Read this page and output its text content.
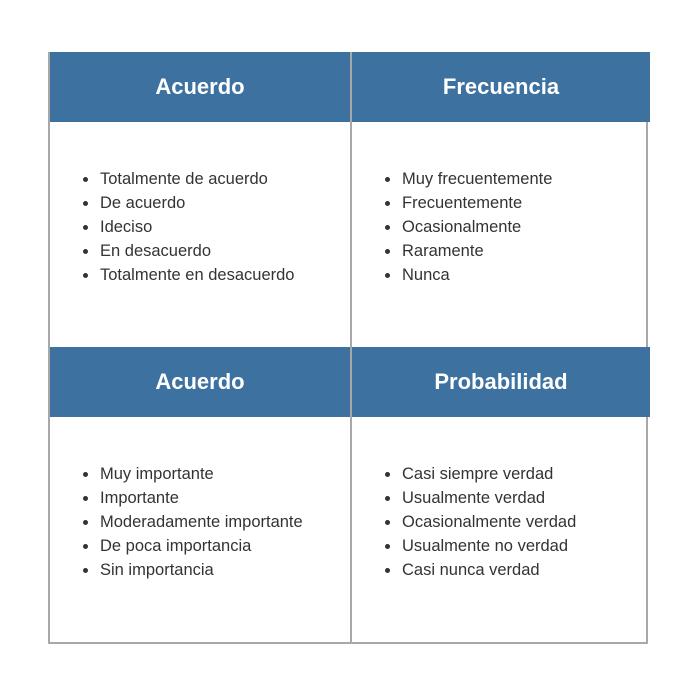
Acuerdo
Totalmente de acuerdo
De acuerdo
Ideciso
En desacuerdo
Totalmente en desacuerdo
Frecuencia
Muy frecuentemente
Frecuentemente
Ocasionalmente
Raramente
Nunca
Acuerdo
Muy importante
Importante
Moderadamente importante
De poca importancia
Sin importancia
Probabilidad
Casi siempre verdad
Usualmente verdad
Ocasionalmente verdad
Usualmente no verdad
Casi nunca verdad
